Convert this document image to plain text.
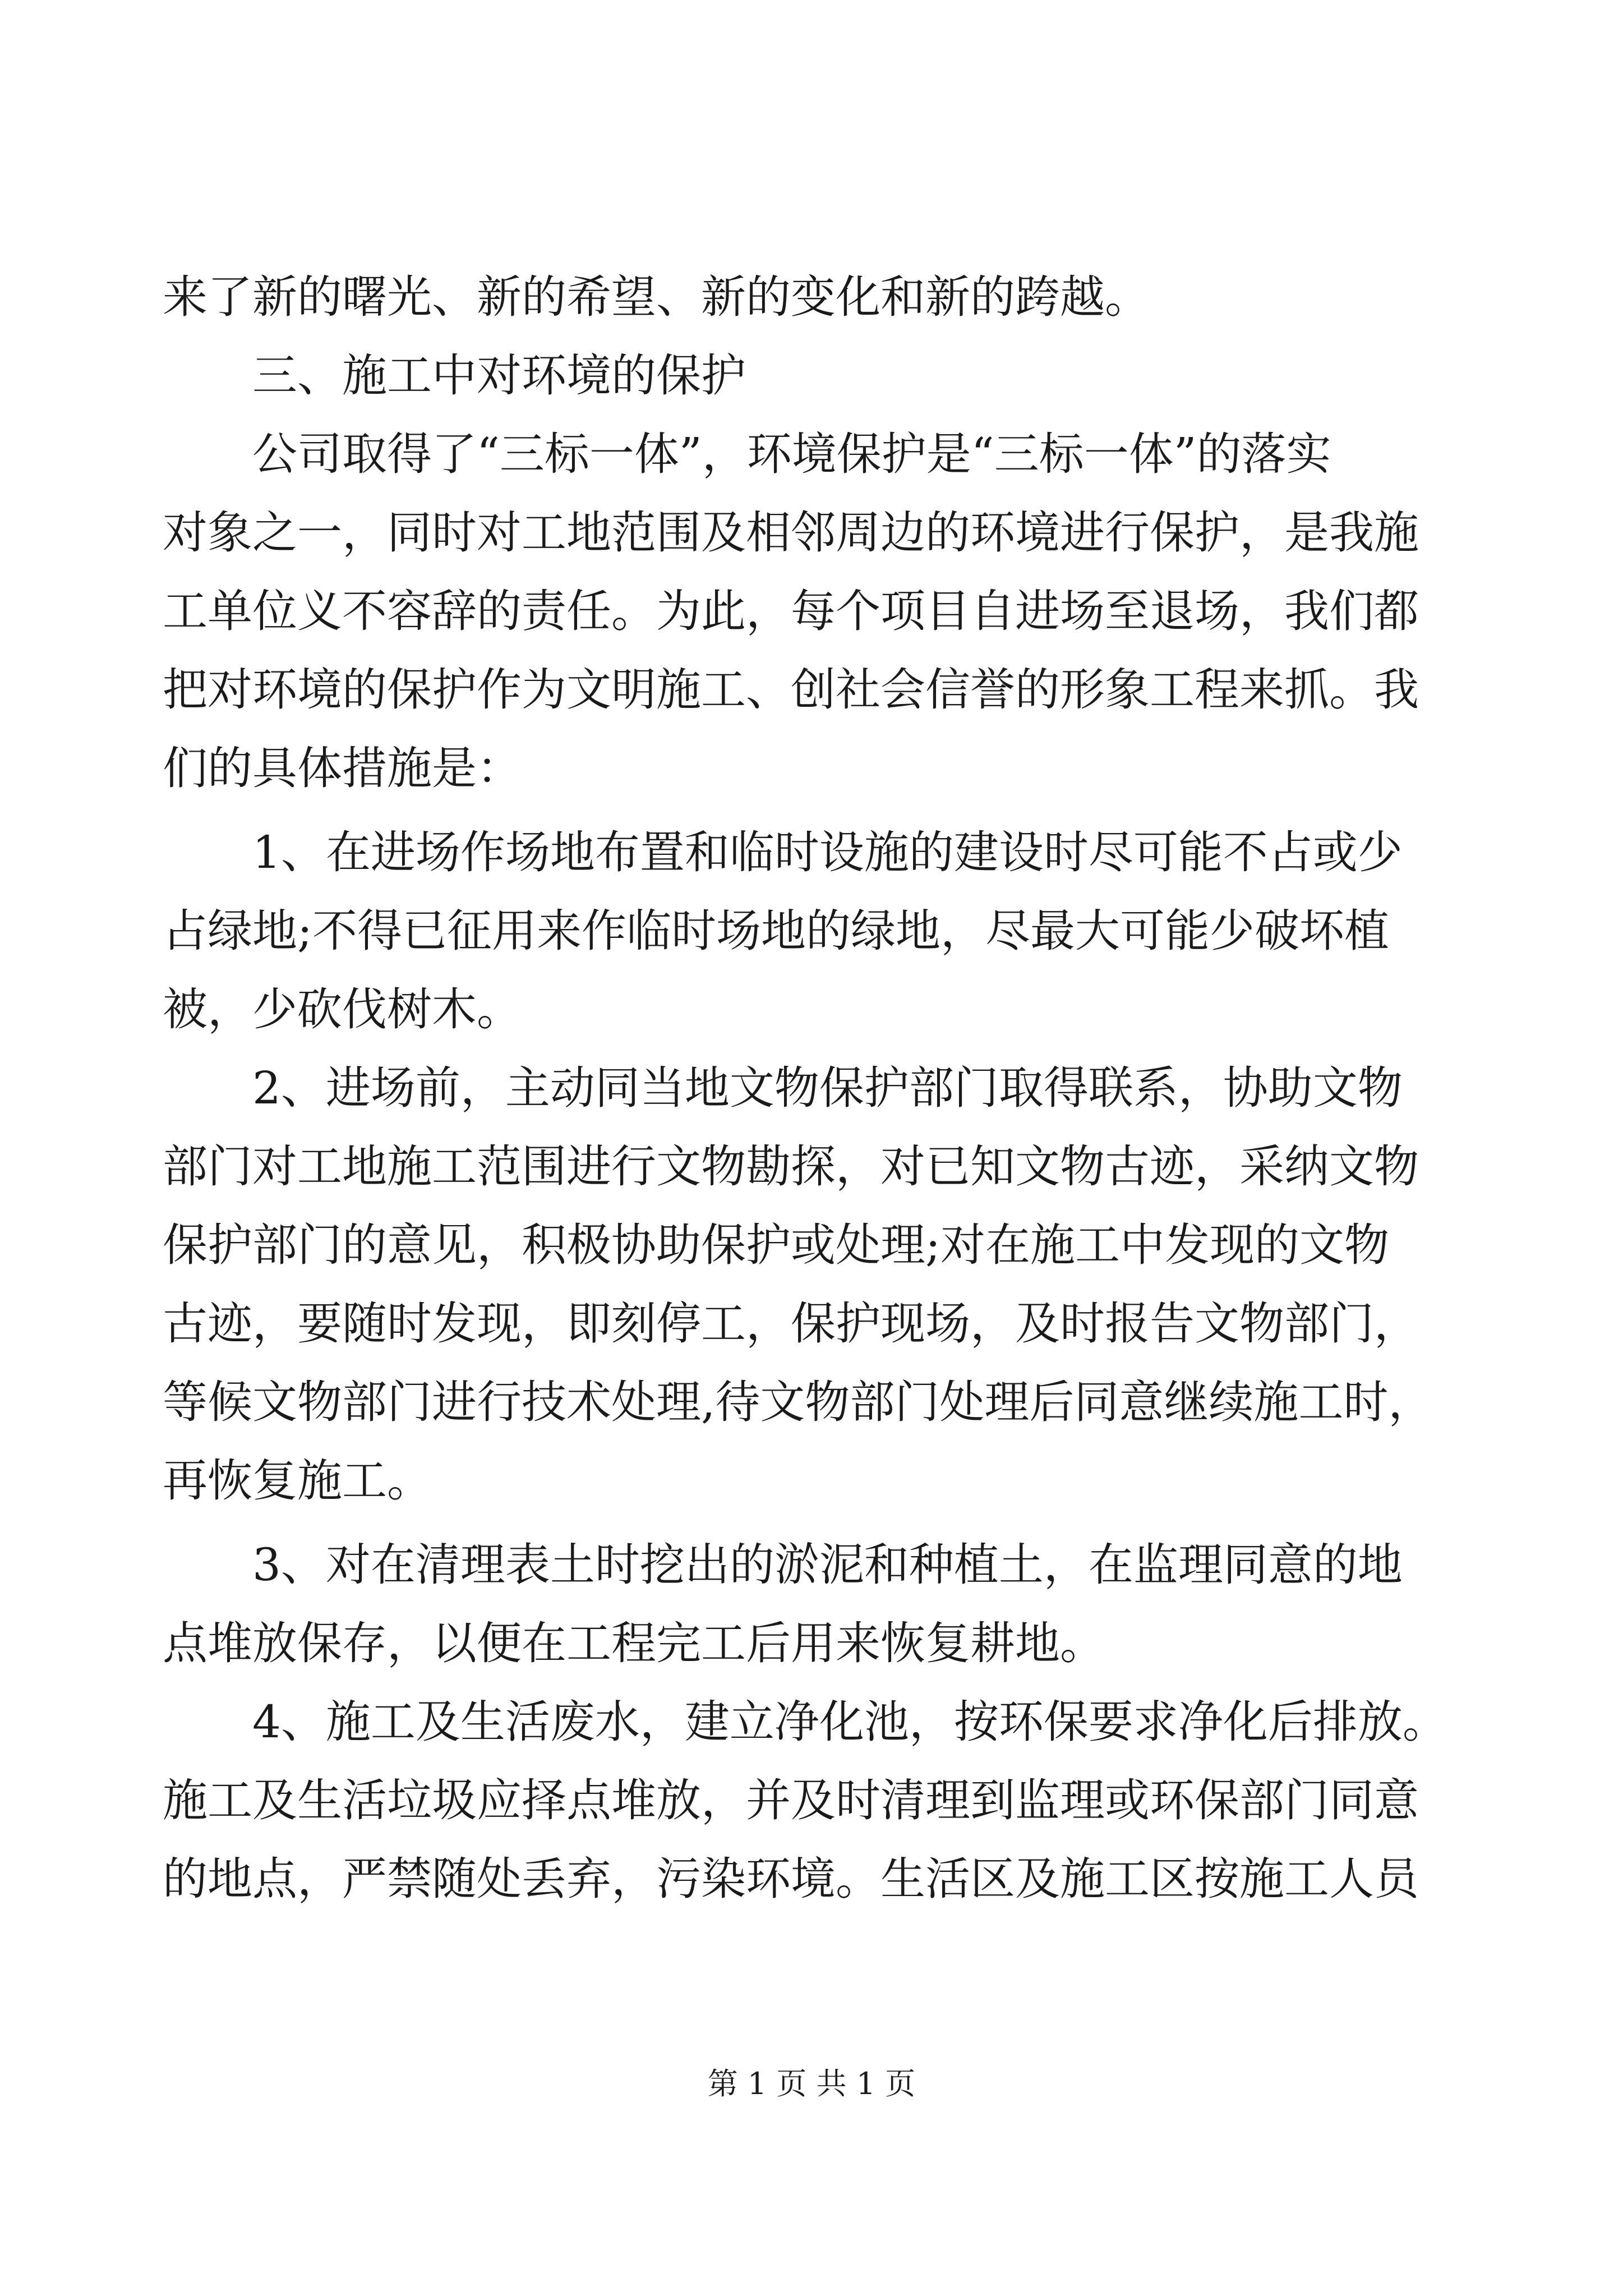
来了新的曙光、新的希望、新的变化和新的跨越。
　　三、施工中对环境的保护
　　公司取得了“三标一体”，环境保护是“三标一体”的落实
对象之一，同时对工地范围及相邻周边的环境进行保护，是我施
工单位义不容辞的责任。为此，每个项目自进场至退场，我们都
把对环境的保护作为文明施工、创社会信誉的形象工程来抓。我
们的具体措施是：
　　1、在进场作场地布置和临时设施的建设时尽可能不占或少
占绿地;不得已征用来作临时场地的绿地，尽最大可能少破坏植
被，少砍伐树木。
　　2、进场前，主动同当地文物保护部门取得联系，协助文物
部门对工地施工范围进行文物勘探，对已知文物古迹，采纳文物
保护部门的意见，积极协助保护或处理;对在施工中发现的文物
古迹，要随时发现，即刻停工，保护现场，及时报告文物部门，
等候文物部门进行技术处理,待文物部门处理后同意继续施工时，
再恢复施工。
　　3、对在清理表土时挖出的淤泥和种植土，在监理同意的地
点堆放保存，以便在工程完工后用来恢复耕地。
　　4、施工及生活废水，建立净化池，按环保要求净化后排放。
施工及生活垃圾应择点堆放，并及时清理到监理或环保部门同意
的地点，严禁随处丢弃，污染环境。生活区及施工区按施工人员
第 1 页 共 1 页
